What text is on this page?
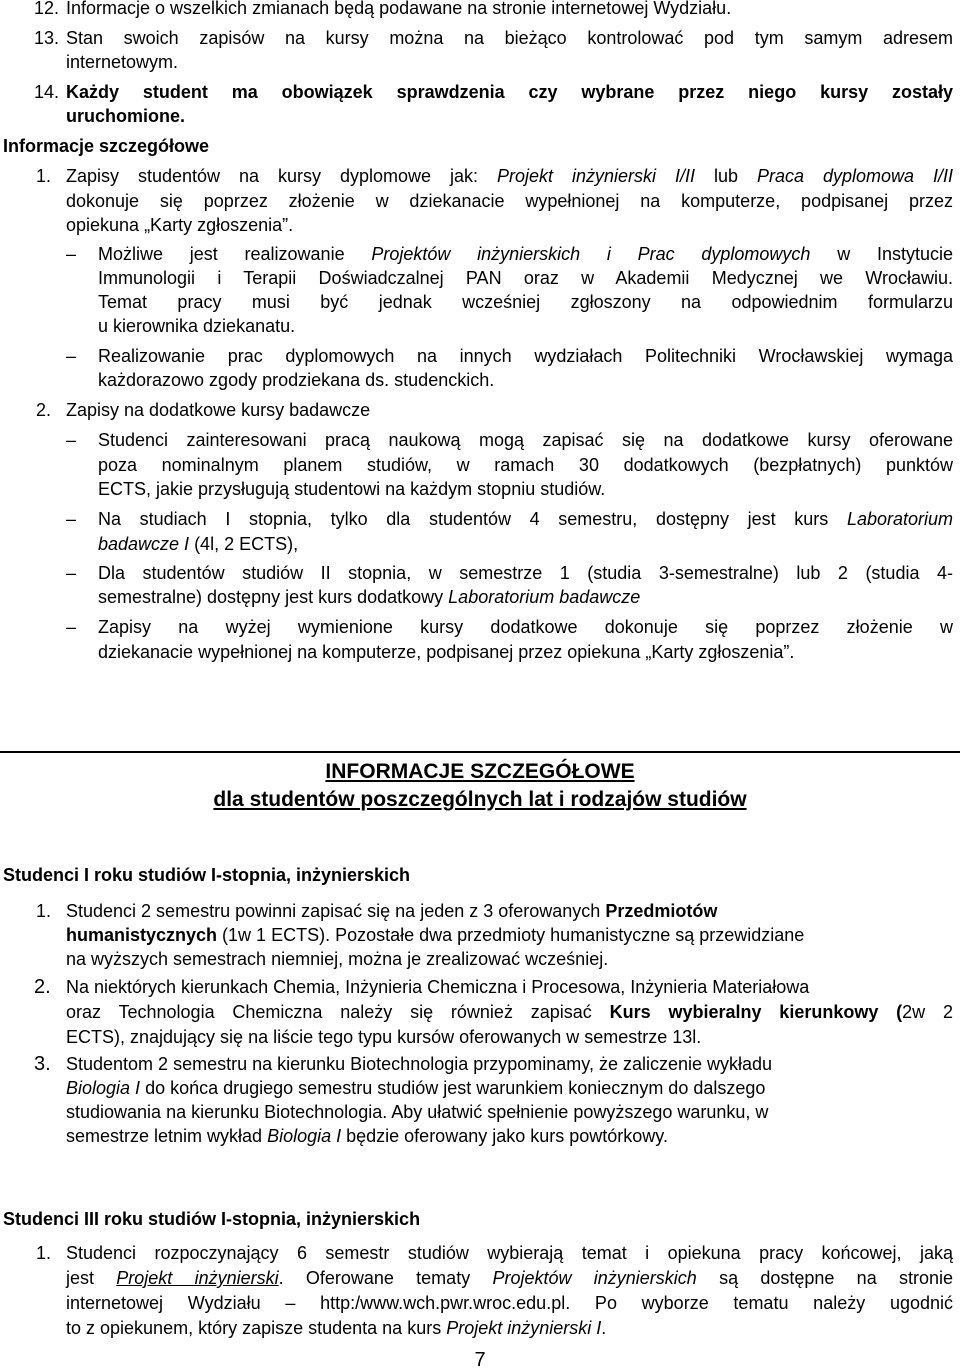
12. Informacje o wszelkich zmianach będą podawane na stronie internetowej Wydziału.
13. Stan swoich zapisów na kursy można na bieżąco kontrolować pod tym samym adresem
internetowym.
14. Każdy student ma obowiązek sprawdzenia czy wybrane przez niego kursy zostały
uruchomione.
Informacje szczegółowe
1. Zapisy studentów na kursy dyplomowe jak: Projekt inżynierski I/II lub Praca dyplomowa I/II
dokonuje się poprzez złożenie w dziekanacie wypełnionej na komputerze, podpisanej przez
opiekuna „Karty zgłoszenia”.
– Możliwe jest realizowanie Projektów inżynierskich i Prac dyplomowych w Instytucie
Immunologii i Terapii Doświadczalnej PAN oraz w Akademii Medycznej we Wrocławiu.
Temat pracy musi być jednak wcześniej zgłoszony na odpowiednim formularzu
u kierownika dziekanatu.
– Realizowanie prac dyplomowych na innych wydziałach Politechniki Wrocławskiej wymaga
każdorazowo zgody prodziekana ds. studenckich.
2. Zapisy na dodatkowe kursy badawcze
– Studenci zainteresowani pracą naukową mogą zapisać się na dodatkowe kursy oferowane
poza nominalnym planem studiów, w ramach 30 dodatkowych (bezpłatnych) punktów
ECTS, jakie przysługują studentowi na każdym stopniu studiów.
– Na studiach I stopnia, tylko dla studentów 4 semestru, dostępny jest kurs Laboratorium
badawcze I (4l, 2 ECTS),
– Dla studentów studiów II stopnia, w semestrze 1 (studia 3-semestralne) lub 2 (studia 4-
semestralne) dostępny jest kurs dodatkowy Laboratorium badawcze
– Zapisy na wyżej wymienione kursy dodatkowe dokonuje się poprzez złożenie w
dziekanacie wypełnionej na komputerze, podpisanej przez opiekuna „Karty zgłoszenia”.
INFORMACJE SZCZEGÓŁOWE
dla studentów poszczególnych lat i rodzajów studiów
Studenci I roku studiów I-stopnia, inżynierskich
1. Studenci 2 semestru powinni zapisać się na jeden z 3 oferowanych Przedmiotów
humanistycznych (1w 1 ECTS). Pozostałe dwa przedmioty humanistyczne są przewidziane
na wyższych semestrach niemniej, można je zrealizować wcześniej.
2. Na niektórych kierunkach Chemia, Inżynieria Chemiczna i Procesowa, Inżynieria Materiałowa
oraz Technologia Chemiczna należy się również zapisać Kurs wybieralny kierunkowy (2w 2
ECTS), znajdujący się na liście tego typu kursów oferowanych w semestrze 13l.
3. Studentom 2 semestru na kierunku Biotechnologia przypominamy, że zaliczenie wykładu
Biologia I do końca drugiego semestru studiów jest warunkiem koniecznym do dalszego
studiowania na kierunku Biotechnologia. Aby ułatwić spełnienie powyższego warunku, w
semestrze letnim wykład Biologia I będzie oferowany jako kurs powtórkowy.
Studenci III roku studiów I-stopnia, inżynierskich
1. Studenci rozpoczynający 6 semestr studiów wybierają temat i opiekuna pracy końcowej, jaką
jest Projekt inżynierski. Oferowane tematy Projektów inżynierskich są dostępne na stronie
internetowej Wydziału – http:/www.wch.pwr.wroc.edu.pl. Po wyborze tematu należy ugodnić
to z opiekunem, który zapisze studenta na kurs Projekt inżynierski I.
7
